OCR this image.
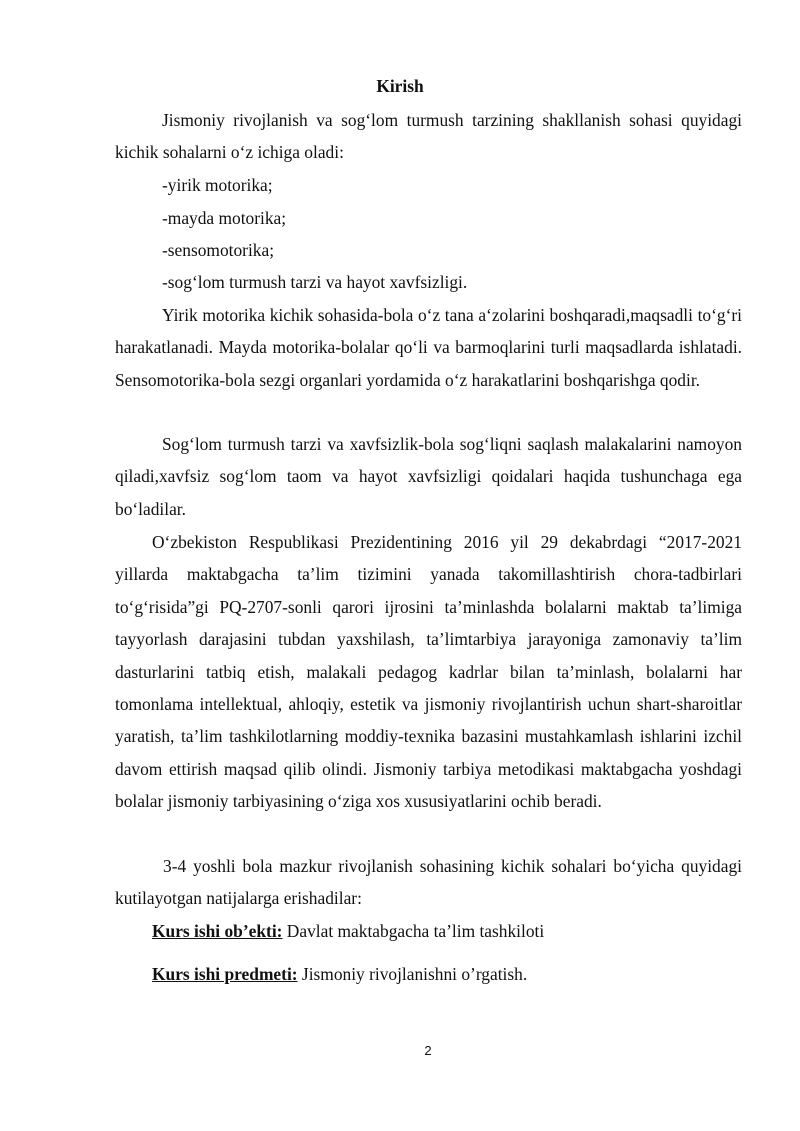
Kirish

Jismoniy rivojlanish va sog‘lom turmush tarzining shakllanish sohasi quyidagi kichik sohalarni o‘z ichiga oladi:

-yirik motorika;

-mayda motorika;

-sensomotorika;

-sog‘lom turmush tarzi va hayot xavfsizligi.

Yirik motorika kichik sohasida-bola o‘z tana a‘zolarini boshqaradi,maqsadli to‘g‘ri harakatlanadi. Mayda motorika-bolalar qo‘li va barmoqlarini turli maqsadlarda ishlatadi. Sensomotorika-bola sezgi organlari yordamida o‘z harakatlarini boshqarishga qodir.

Sog‘lom turmush tarzi va xavfsizlik-bola sog‘liqni saqlash malakalarini namoyon qiladi,xavfsiz sog‘lom taom va hayot xavfsizligi qoidalari haqida tushunchaga ega bo‘ladilar.

O‘zbekiston Respublikasi Prezidentining 2016 yil 29 dekabrdagi “2017-2021 yillarda maktabgacha ta’lim tizimini yanada takomillashtirish chora-tadbirlari to‘g‘risida”gi PQ-2707-sonli qarori ijrosini ta’minlashda bolalarni maktab ta’limiga tayyorlash darajasini tubdan yaxshilash, ta’limtarbiya jarayoniga zamonaviy ta’lim dasturlarini tatbiq etish, malakali pedagog kadrlar bilan ta’minlash, bolalarni har tomonlama intellektual, ahloqiy, estetik va jismoniy rivojlantirish uchun shart-sharoitlar yaratish, ta’lim tashkilotlarning moddiy-texnika bazasini mustahkamlash ishlarini izchil davom ettirish maqsad qilib olindi. Jismoniy tarbiya metodikasi maktabgacha yoshdagi bolalar jismoniy tarbiyasining o‘ziga xos xususiyatlarini ochib beradi.

3-4 yoshli bola mazkur rivojlanish sohasining kichik sohalari bo‘yicha quyidagi kutilayotgan natijalarga erishadilar:

Kurs ishi ob’ekti: Davlat maktabgacha ta’lim tashkiloti

Kurs ishi predmeti: Jismoniy rivojlanishni o’rgatish.

2
